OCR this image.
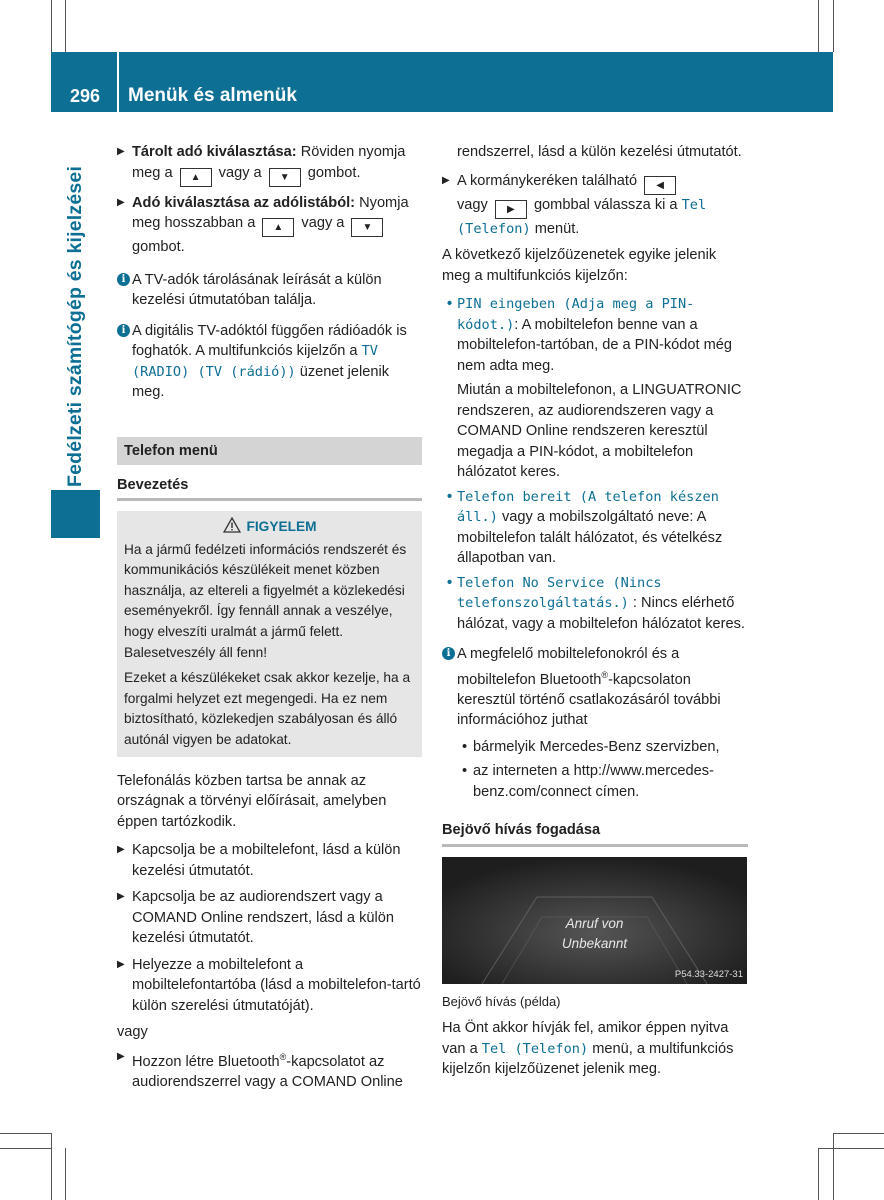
296 Menük és almenük
Fedélzeti számítógép és kijelzései
▶ Tárolt adó kiválasztása: Röviden nyomja meg a ▲ vagy a ▼ gombot.
▶ Adó kiválasztása az adólistából: Nyomja meg hosszabban a ▲ vagy a ▼ gombot.
i A TV-adók tárolásának leírását a külön kezelési útmutatóban találja.
i A digitális TV-adóktól függően rádióadók is foghatók. A multifunkciós kijelzőn a TV (RADIO) (TV (rádió)) üzenet jelenik meg.
Telefon menü
Bevezetés
FIGYELEM

Ha a jármű fedélzeti információs rendszerét és kommunikációs készülékeit menet közben használja, az eltereli a figyelmét a közlekedési eseményekről. Így fennáll annak a veszélye, hogy elveszíti uralmát a jármű felett. Balesetveszély áll fenn!

Ezeket a készülékeket csak akkor kezelje, ha a forgalmi helyzet ezt megengedi. Ha ez nem biztosítható, közlekedjen szabályosan és álló autónál vigyen be adatokat.

Telefonálás közben tartsa be annak az országnak a törvényi előírásait, amelyben éppen tartózkodik.

▶ Kapcsolja be a mobiltelefont, lásd a külön kezelési útmutatót.
▶ Kapcsolja be az audiorendszert vagy a COMAND Online rendszert, lásd a külön kezelési útmutatót.
▶ Helyezze a mobiltelefont a mobiltelefontartóba (lásd a mobiltelefon-tartó külön szerelési útmutatóját).

vagy

▶ Hozzon létre Bluetooth®-kapcsolatot az audiorendszerrel vagy a COMAND Online

rendszerrel, lásd a külön kezelési útmutatót.

▶ A kormánykeréken található ◀
vagy ▶ gombbal válassza ki a Tel (Telefon) menüt.

A következő kijelzőüzenetek egyike jelenik meg a multifunkciós kijelzőn:

• PIN eingeben (Adja meg a PIN-kódot.): A mobiltelefon benne van a mobiltelefon-tartóban, de a PIN-kódot még nem adta meg.

Miután a mobiltelefonon, a LINGUATRONIC rendszeren, az audiorendszeren vagy a COMAND Online rendszeren keresztül megadja a PIN-kódot, a mobiltelefon hálózatot keres.

• Telefon bereit (A telefon készen áll.) vagy a mobilszolgáltató neve: A mobiltelefon talált hálózatot, és vételkész állapotban van.
• Telefon No Service (Nincs telefonszolgáltatás.) : Nincs elérhető hálózat, vagy a mobiltelefon hálózatot keres.
i A megfelelő mobiltelefonokról és a mobiltelefon Bluetooth®-kapcsolaton keresztül történő csatlakozásáról további információhoz juthat
• bármelyik Mercedes-Benz szervizben,
• az interneten a http://www.mercedes-benz.com/connect címen.
Bejövő hívás fogadása
Anruf von
Unbekannt
P54.33-2427-31

Bejövő hívás (példa)

Ha Önt akkor hívják fel, amikor éppen nyitva van a Tel (Telefon) menü, a multifunkciós kijelzőn kijelzőüzenet jelenik meg.
